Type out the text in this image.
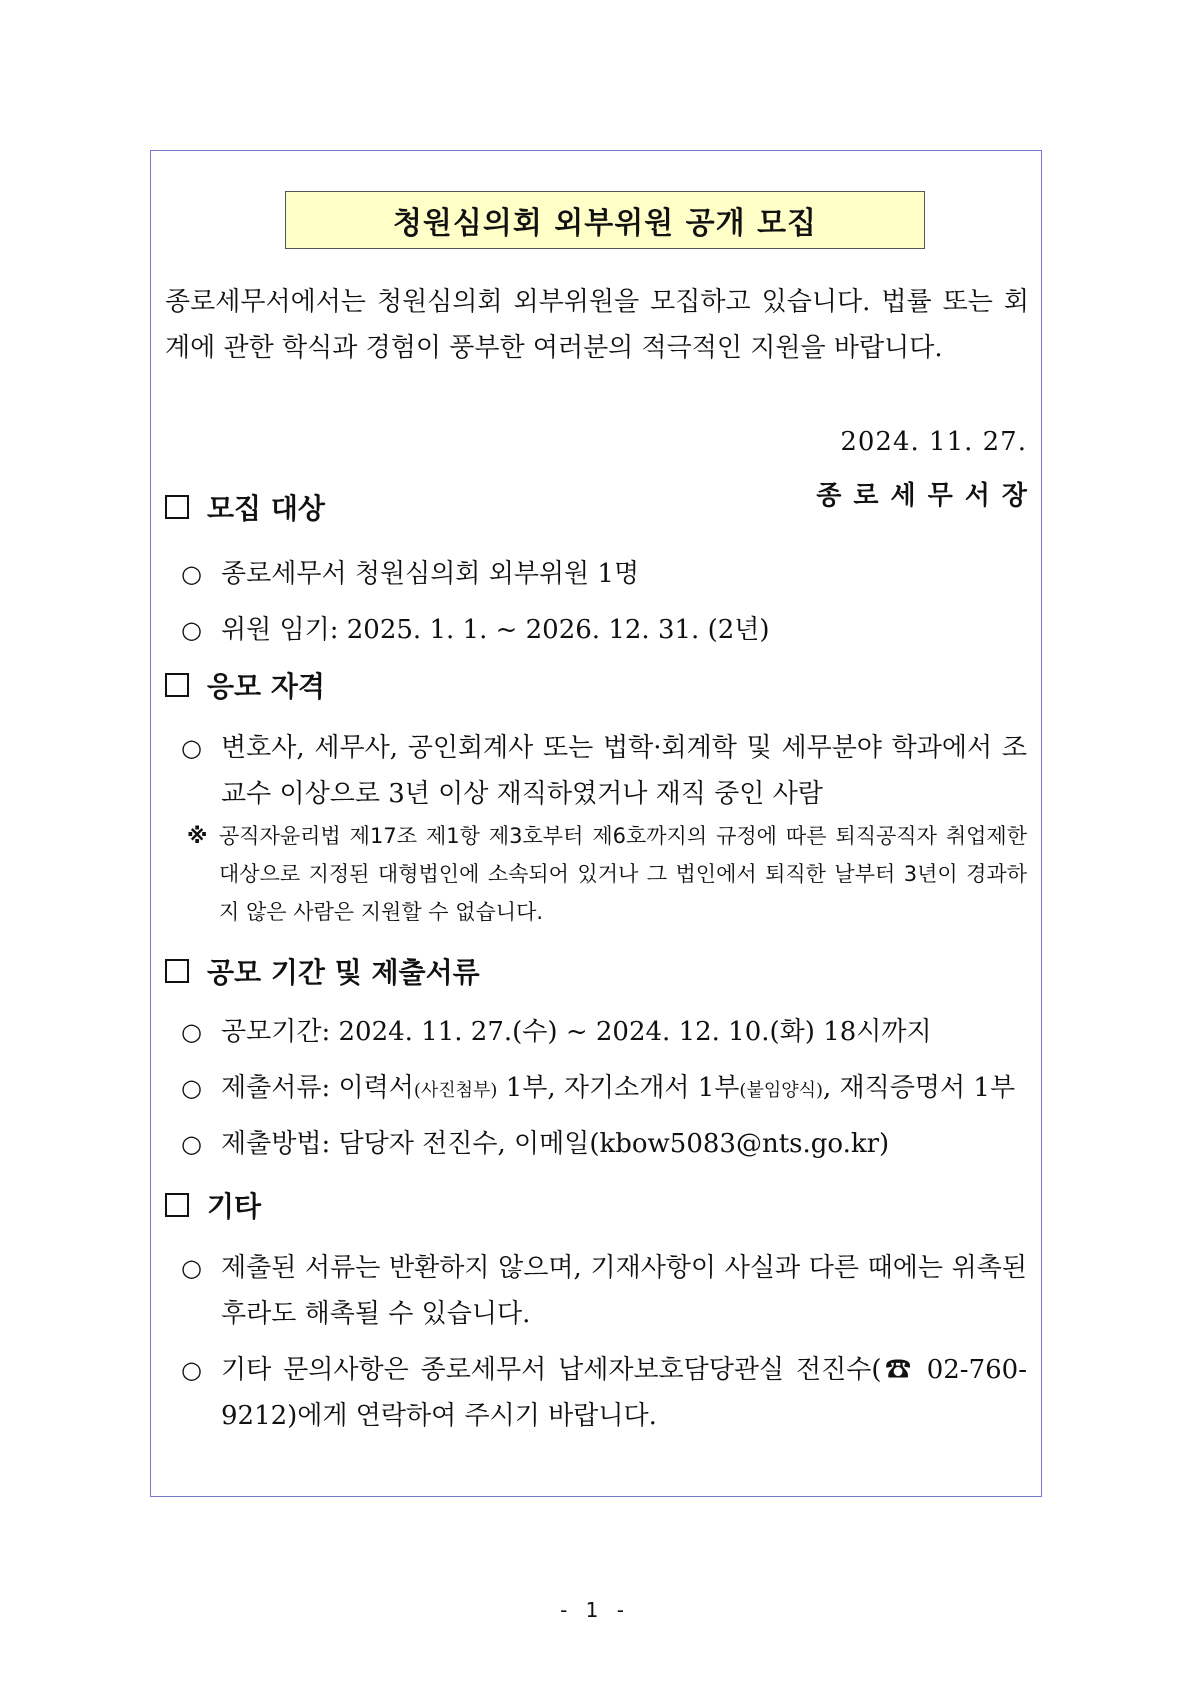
청원심의회 외부위원 공개 모집
종로세무서에서는 청원심의회 외부위원을 모집하고 있습니다. 법률 또는 회계에 관한 학식과 경험이 풍부한 여러분의 적극적인 지원을 바랍니다.
2024. 11. 27.
종로세무서장
모집 대상
○ 종로세무서 청원심의회 외부위원 1명
○ 위원 임기: 2025. 1. 1. ~ 2026. 12. 31. (2년)
응모 자격
○ 변호사, 세무사, 공인회계사 또는 법학·회계학 및 세무분야 학과에서 조교수 이상으로 3년 이상 재직하였거나 재직 중인 사람
※ 공직자윤리법 제17조 제1항 제3호부터 제6호까지의 규정에 따른 퇴직공직자 취업제한 대상으로 지정된 대형법인에 소속되어 있거나 그 법인에서 퇴직한 날부터 3년이 경과하지 않은 사람은 지원할 수 없습니다.
공모 기간 및 제출서류
○ 공모기간: 2024. 11. 27.(수) ~ 2024. 12. 10.(화) 18시까지
○ 제출서류: 이력서(사진첨부) 1부, 자기소개서 1부(붙임양식), 재직증명서 1부
○ 제출방법: 담당자 전진수, 이메일(kbow5083@nts.go.kr)
기타
○ 제출된 서류는 반환하지 않으며, 기재사항이 사실과 다른 때에는 위촉된 후라도 해촉될 수 있습니다.
○ 기타 문의사항은 종로세무서 납세자보호담당관실 전진수(☎ 02-760-9212)에게 연락하여 주시기 바랍니다.
- 1 -
